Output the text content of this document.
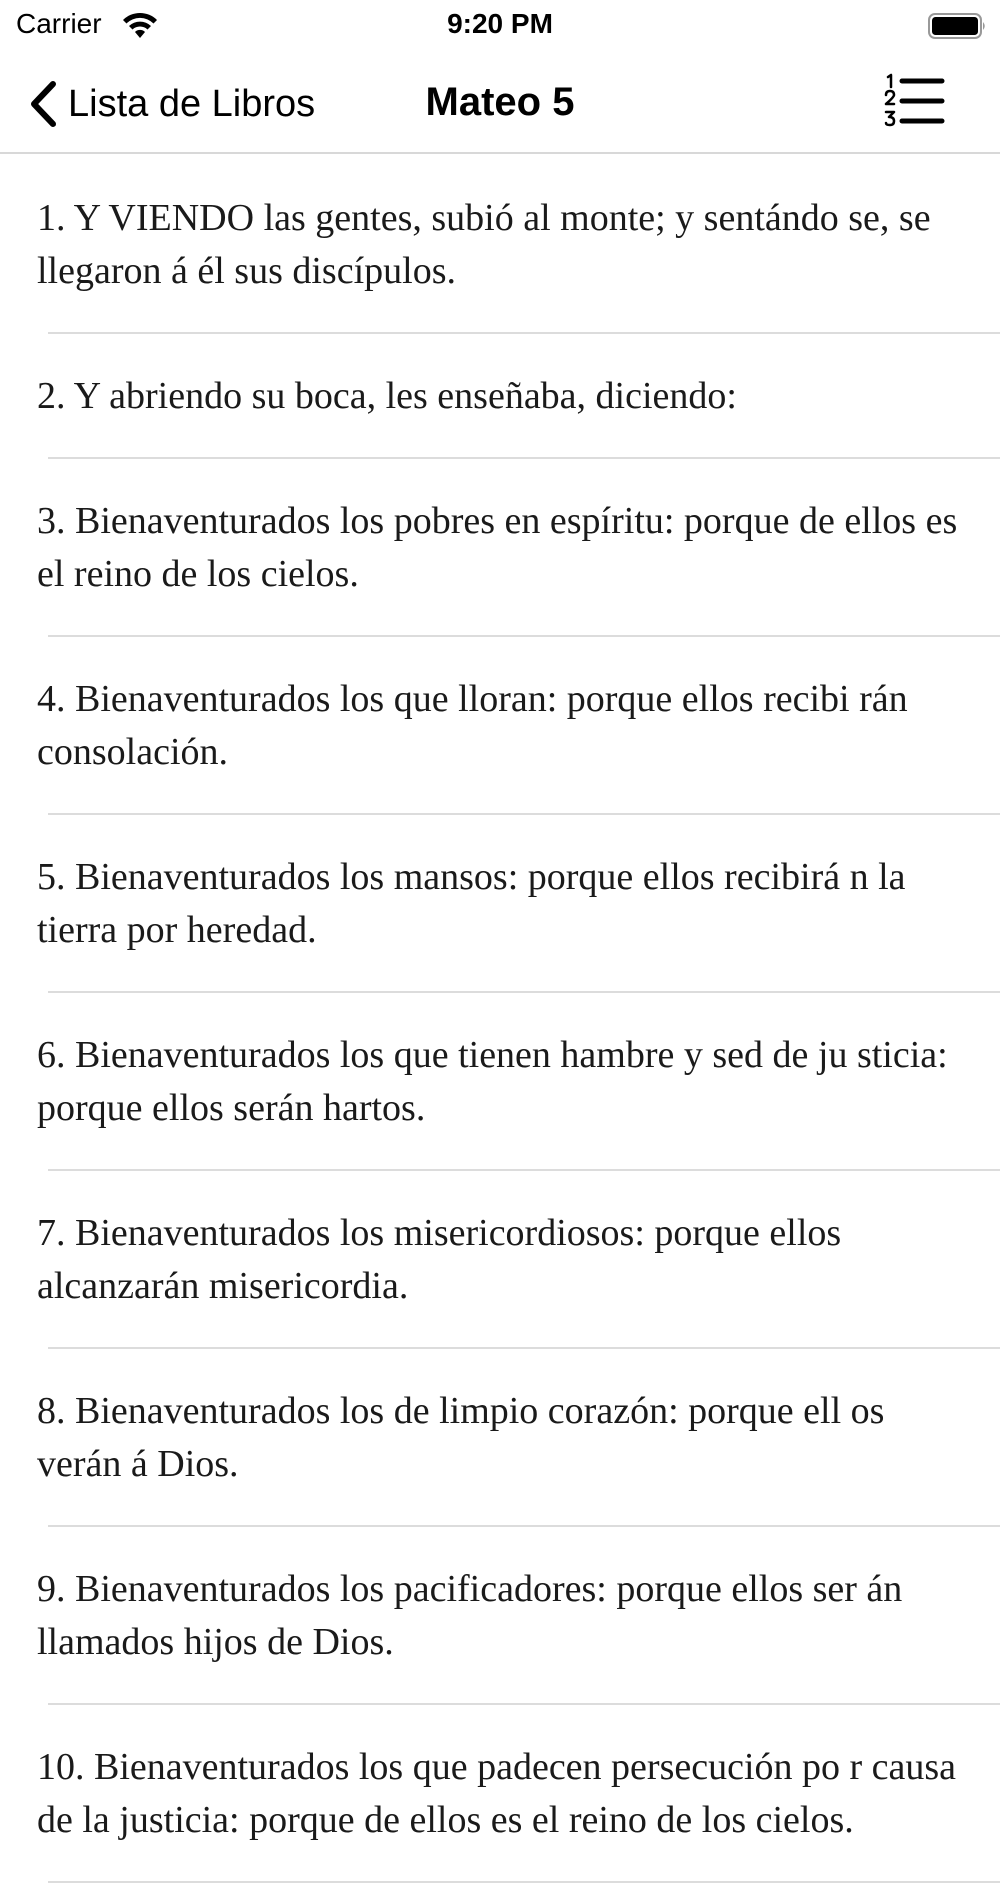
Carrier	9:20 PM
Lista de Libros	Mateo 5
1. Y VIENDO las gentes, subió al monte; y sentándo se, se llegaron á él sus discípulos.
2. Y abriendo su boca, les enseñaba, diciendo:
3. Bienaventurados los pobres en espíritu: porque de ellos es el reino de los cielos.
4. Bienaventurados los que lloran: porque ellos recibi rán consolación.
5. Bienaventurados los mansos: porque ellos recibirá n la tierra por heredad.
6. Bienaventurados los que tienen hambre y sed de ju sticia: porque ellos serán hartos.
7. Bienaventurados los misericordiosos: porque ellos alcanzarán misericordia.
8. Bienaventurados los de limpio corazón: porque ell os verán á Dios.
9. Bienaventurados los pacificadores: porque ellos ser án llamados hijos de Dios.
10. Bienaventurados los que padecen persecución po r causa de la justicia: porque de ellos es el reino de los cielos.
